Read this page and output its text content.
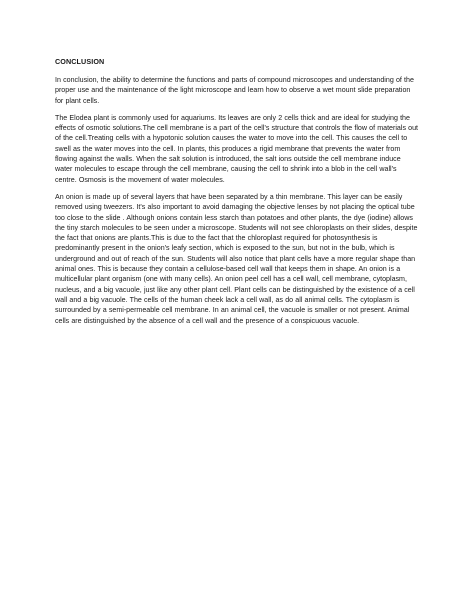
CONCLUSION

In conclusion, the ability to determine the functions and parts of compound microscopes and understanding of the proper use and the maintenance of the light microscope and learn how to observe a wet mount slide preparation for plant cells.

The Elodea plant is commonly used for aquariums. Its leaves are only 2 cells thick and are ideal for studying the effects of osmotic solutions.The cell membrane is a part of the cell's structure that controls the flow of materials out of the cell.Treating cells with a hypotonic solution causes the water to move into the cell. This causes the cell to swell as the water moves into the cell. In plants, this produces a rigid membrane that prevents the water from flowing against the walls. When the salt solution is introduced, the salt ions outside the cell membrane induce water molecules to escape through the cell membrane, causing the cell to shrink into a blob in the cell wall's centre. Osmosis is the movement of water molecules.

An onion is made up of several layers that have been separated by a thin membrane. This layer can be easily removed using tweezers. It's also important to avoid damaging the objective lenses by not placing the optical tube too close to the slide . Although onions contain less starch than potatoes and other plants, the dye (iodine) allows the tiny starch molecules to be seen under a microscope. Students will not see chloroplasts on their slides, despite the fact that onions are plants.This is due to the fact that the chloroplast required for photosynthesis is predominantly present in the onion's leafy section, which is exposed to the sun, but not in the bulb, which is underground and out of reach of the sun. Students will also notice that plant cells have a more regular shape than animal ones. This is because they contain a cellulose-based cell wall that keeps them in shape. An onion is a multicellular plant organism (one with many cells). An onion peel cell has a cell wall, cell membrane, cytoplasm, nucleus, and a big vacuole, just like any other plant cell. Plant cells can be distinguished by the existence of a cell wall and a big vacuole. The cells of the human cheek lack a cell wall, as do all animal cells. The cytoplasm is surrounded by a semi-permeable cell membrane. In an animal cell, the vacuole is smaller or not present. Animal cells are distinguished by the absence of a cell wall and the presence of a conspicuous vacuole.
